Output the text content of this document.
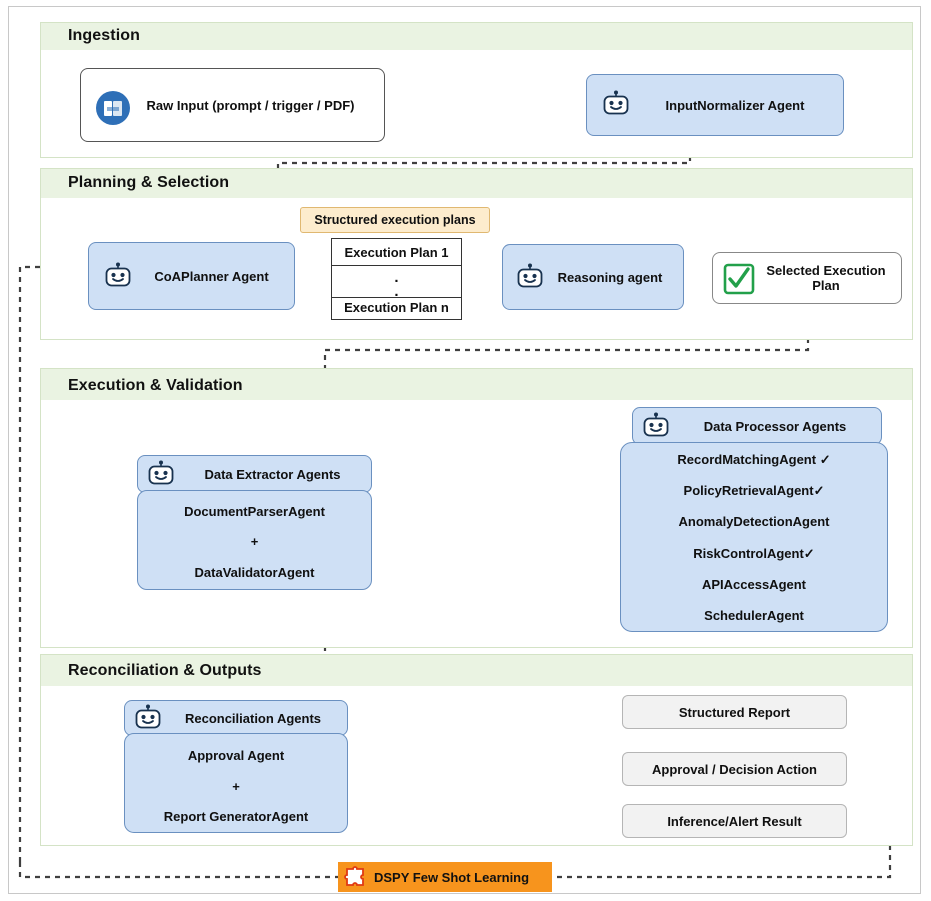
Ingestion
Raw Input (prompt / trigger / PDF)	InputNormalizer Agent
Planning & Selection
Structured execution plans
CoAPlanner Agent
Execution Plan 1
.
.
Execution Plan n
Reasoning agent	Selected Execution Plan
Execution & Validation
Data Extractor Agents
DocumentParserAgent
+
DataValidatorAgent
Data Processor Agents
RecordMatchingAgent ✓
PolicyRetrievalAgent✓
AnomalyDetectionAgent
RiskControlAgent✓
APIAccessAgent
SchedulerAgent
Reconciliation & Outputs
Reconciliation Agents
Approval Agent
+
Report GeneratorAgent
Structured Report
Approval / Decision Action
Inference/Alert Result
DSPY Few Shot Learning
